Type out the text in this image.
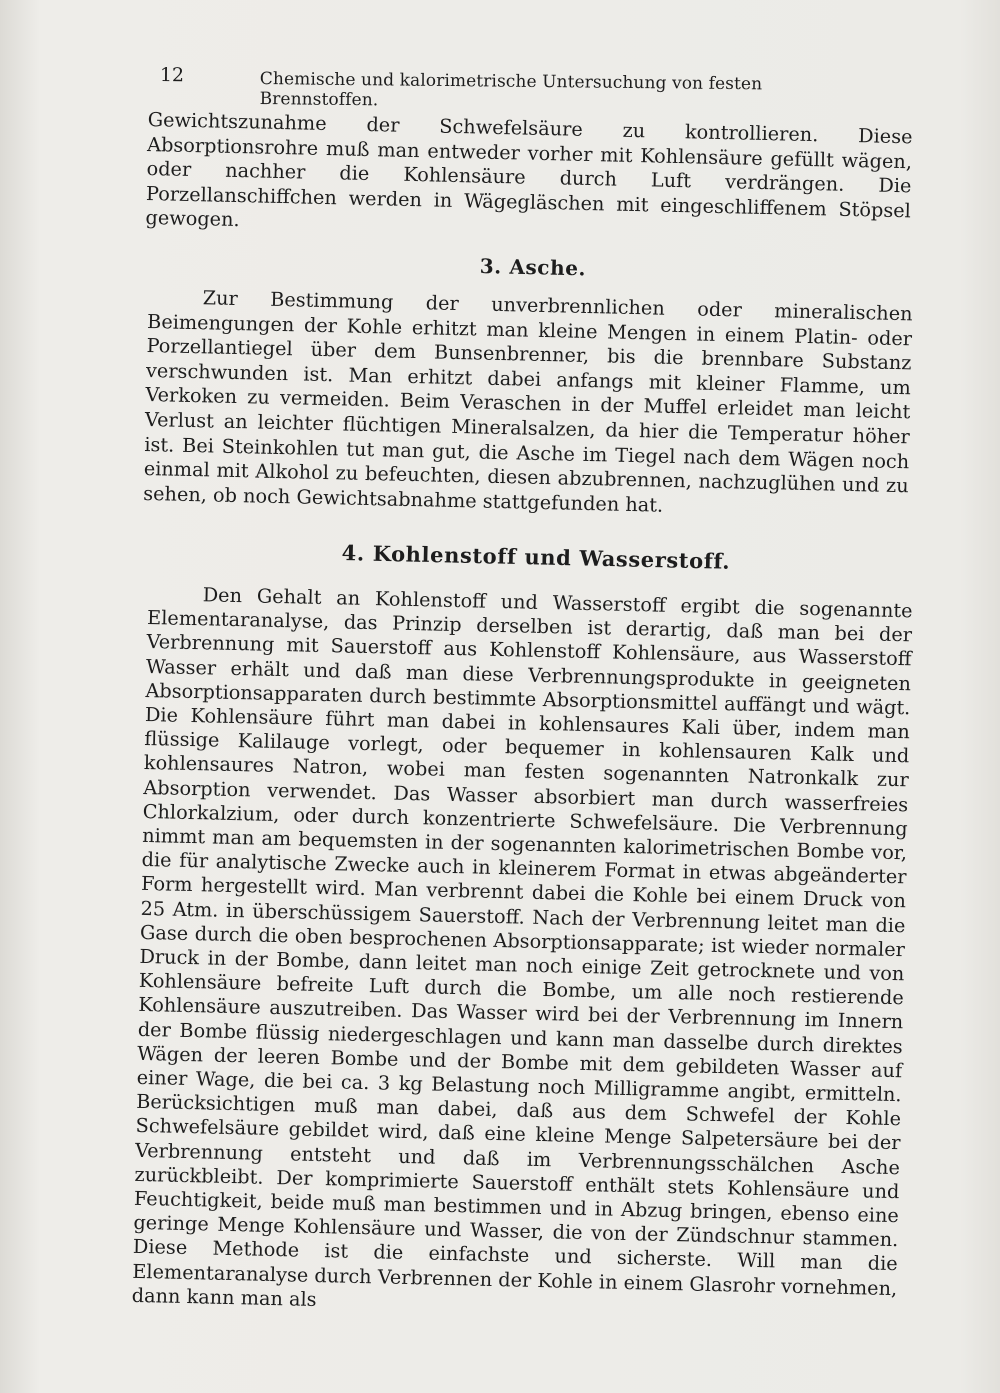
12	Chemische und kalorimetrische Untersuchung von festen Brennstoffen.

Gewichtszunahme der Schwefelsäure zu kontrollieren. Diese Absorptionsrohre muß man entweder vorher mit Kohlensäure gefüllt wägen, oder nachher die Kohlensäure durch Luft verdrängen. Die Porzellanschiffchen werden in Wägegläschen mit eingeschliffenem Stöpsel gewogen.

3. Asche.

Zur Bestimmung der unverbrennlichen oder mineralischen Beimengungen der Kohle erhitzt man kleine Mengen in einem Platin- oder Porzellantiegel über dem Bunsenbrenner, bis die brennbare Substanz verschwunden ist. Man erhitzt dabei anfangs mit kleiner Flamme, um Verkoken zu vermeiden. Beim Veraschen in der Muffel erleidet man leicht Verlust an leichter flüchtigen Mineralsalzen, da hier die Temperatur höher ist. Bei Steinkohlen tut man gut, die Asche im Tiegel nach dem Wägen noch einmal mit Alkohol zu befeuchten, diesen abzubrennen, nachzuglühen und zu sehen, ob noch Gewichtsabnahme stattgefunden hat.

4. Kohlenstoff und Wasserstoff.

Den Gehalt an Kohlenstoff und Wasserstoff ergibt die sogenannte Elementaranalyse, das Prinzip derselben ist derartig, daß man bei der Verbrennung mit Sauerstoff aus Kohlenstoff Kohlensäure, aus Wasserstoff Wasser erhält und daß man diese Verbrennungsprodukte in geeigneten Absorptionsapparaten durch bestimmte Absorptionsmittel auffängt und wägt. Die Kohlensäure führt man dabei in kohlensaures Kali über, indem man flüssige Kalilauge vorlegt, oder bequemer in kohlensauren Kalk und kohlensaures Natron, wobei man festen sogenannten Natronkalk zur Absorption verwendet. Das Wasser absorbiert man durch wasserfreies Chlorkalzium, oder durch konzentrierte Schwefelsäure. Die Verbrennung nimmt man am bequemsten in der sogenannten kalorimetrischen Bombe vor, die für analytische Zwecke auch in kleinerem Format in etwas abgeänderter Form hergestellt wird. Man verbrennt dabei die Kohle bei einem Druck von 25 Atm. in überschüssigem Sauerstoff. Nach der Verbrennung leitet man die Gase durch die oben besprochenen Absorptionsapparate; ist wieder normaler Druck in der Bombe, dann leitet man noch einige Zeit getrocknete und von Kohlensäure befreite Luft durch die Bombe, um alle noch restierende Kohlensäure auszutreiben. Das Wasser wird bei der Verbrennung im Innern der Bombe flüssig niedergeschlagen und kann man dasselbe durch direktes Wägen der leeren Bombe und der Bombe mit dem gebildeten Wasser auf einer Wage, die bei ca. 3 kg Belastung noch Milligramme angibt, ermitteln. Berücksichtigen muß man dabei, daß aus dem Schwefel der Kohle Schwefelsäure gebildet wird, daß eine kleine Menge Salpetersäure bei der Verbrennung entsteht und daß im Verbrennungsschälchen Asche zurückbleibt. Der komprimierte Sauerstoff enthält stets Kohlensäure und Feuchtigkeit, beide muß man bestimmen und in Abzug bringen, ebenso eine geringe Menge Kohlensäure und Wasser, die von der Zündschnur stammen. Diese Methode ist die einfachste und sicherste. Will man die Elementaranalyse durch Verbrennen der Kohle in einem Glasrohr vornehmen, dann kann man als
